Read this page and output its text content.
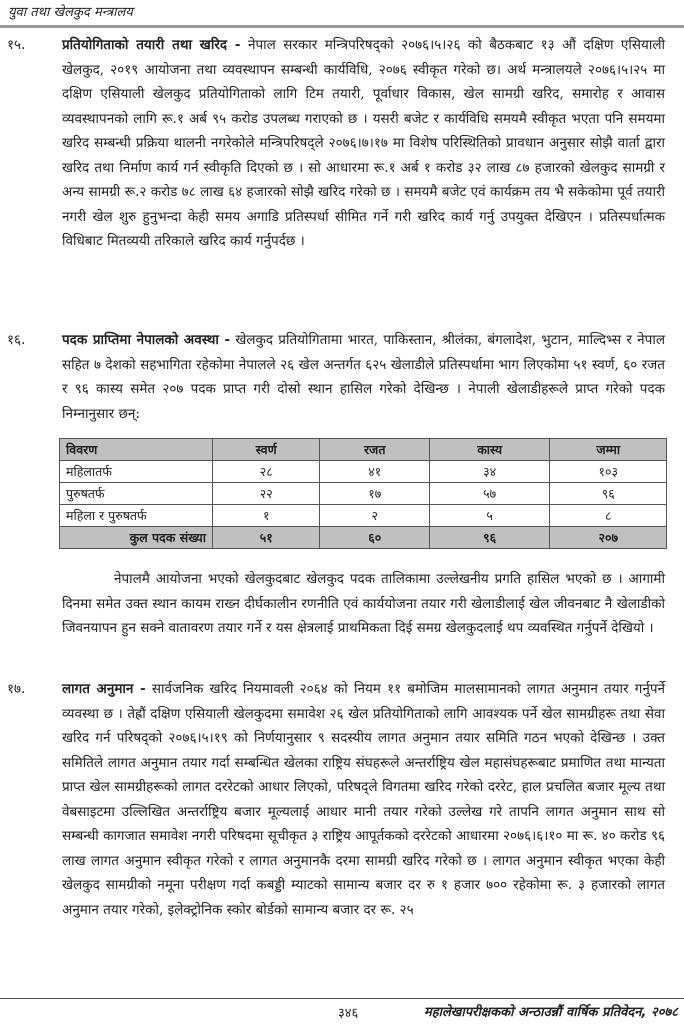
युवा तथा खेलकुद मन्त्रालय
१५.	प्रतियोगिताको तयारी तथा खरिद - नेपाल सरकार मन्त्रिपरिषद्को २०७६।५।२६ को बैठकबाट १३ औं दक्षिण एसियाली खेलकुद, २०१९ आयोजना तथा व्यवस्थापन सम्बन्धी कार्यविधि, २०७६ स्वीकृत गरेको छ। अर्थ मन्त्रालयले २०७६।५।२५ मा दक्षिण एसियाली खेलकुद प्रतियोगिताको लागि टिम तयारी, पूर्वाधार विकास, खेल सामग्री खरिद, समारोह र आवास व्यवस्थापनको लागि रू.१ अर्ब ९५ करोड उपलब्ध गराएको छ । यसरी बजेट र कार्यविधि समयमै स्वीकृत भएता पनि समयमा खरिद सम्बन्धी प्रक्रिया थालनी नगरेकोले मन्त्रिपरिषद्ले २०७६।७।१७ मा विशेष परिस्थितिको प्रावधान अनुसार सोझै वार्ता द्वारा खरिद तथा निर्माण कार्य गर्न स्वीकृति दिएको छ । सो आधारमा रू.१ अर्ब १ करोड ३२ लाख ८७ हजारको खेलकुद सामग्री र अन्य सामग्री रू.२ करोड ७८ लाख ६४ हजारको सोझै खरिद गरेको छ । समयमै बजेट एवं कार्यक्रम तय भै सकेकोमा पूर्व तयारी नगरी खेल शुरु हुनुभन्दा केही समय अगाडि प्रतिस्पर्धा सीमित गर्ने गरी खरिद कार्य गर्नु उपयुक्त देखिएन । प्रतिस्पर्धात्मक विधिबाट मितव्ययी तरिकाले खरिद कार्य गर्नुपर्दछ ।
१६.	पदक प्राप्तिमा नेपालको अवस्था - खेलकुद प्रतियोगितामा भारत, पाकिस्तान, श्रीलंका, बंगलादेश, भुटान, माल्दिभ्स र नेपाल सहित ७ देशको सहभागिता रहेकोमा नेपालले २६ खेल अन्तर्गत ६२५ खेलाडीले प्रतिस्पर्धामा भाग लिएकोमा ५१ स्वर्ण, ६० रजत र ९६ कास्य समेत २०७ पदक प्राप्त गरी दोस्रो स्थान हासिल गरेको देखिन्छ । नेपाली खेलाडीहरूले प्राप्त गरेको पदक निम्नानुसार छन्:
विवरण	स्वर्ण	रजत	कास्य	जम्मा
महिलातर्फ	२८	४१	३४	१०३
पुरुषतर्फ	२२	१७	५७	९६
महिला र पुरुषतर्फ	१	२	५	८
कुल पदक संख्या	५१	६०	९६	२०७
नेपालमै आयोजना भएको खेलकुदबाट खेलकुद पदक तालिकामा उल्लेखनीय प्रगति हासिल भएको छ । आगामी दिनमा समेत उक्त स्थान कायम राख्न दीर्घकालीन रणनीति एवं कार्ययोजना तयार गरी खेलाडीलाई खेल जीवनबाट नै खेलाडीको जिवनयापन हुन सक्ने वातावरण तयार गर्ने र यस क्षेत्रलाई प्राथमिकता दिई समग्र खेलकुदलाई थप व्यवस्थित गर्नुपर्ने देखियो ।
१७.	लागत अनुमान - सार्वजनिक खरिद नियमावली २०६४ को नियम ११ बमोजिम मालसामानको लागत अनुमान तयार गर्नुपर्ने व्यवस्था छ । तेह्रौं दक्षिण एसियाली खेलकुदमा समावेश २६ खेल प्रतियोगिताको लागि आवश्यक पर्ने खेल सामग्रीहरू तथा सेवा खरिद गर्न परिषद्को २०७६।५।१९ को निर्णयानुसार ९ सदस्यीय लागत अनुमान तयार समिति गठन भएको देखिन्छ । उक्त समितिले लागत अनुमान तयार गर्दा सम्बन्धित खेलका राष्ट्रिय संघहरूले अन्तर्राष्ट्रिय खेल महासंघहरूबाट प्रमाणित तथा मान्यता प्राप्त खेल सामग्रीहरूको लागत दररेटको आधार लिएको, परिषद्ले विगतमा खरिद गरेको दररेट, हाल प्रचलित बजार मूल्य तथा वेबसाइटमा उल्लिखित अन्तर्राष्ट्रिय बजार मूल्यलाई आधार मानी तयार गरेको उल्लेख गरे तापनि लागत अनुमान साथ सो सम्बन्धी कागजात समावेश नगरी परिषदमा सूचीकृत ३ राष्ट्रिय आपूर्तकको दररेटको आधारमा २०७६।६।१० मा रू. ४० करोड ९६ लाख लागत अनुमान स्वीकृत गरेको र लागत अनुमानकै दरमा सामग्री खरिद गरेको छ । लागत अनुमान स्वीकृत भएका केही खेलकुद सामग्रीको नमूना परीक्षण गर्दा कबड्डी म्याटको सामान्य बजार दर रु १ हजार ७०० रहेकोमा रू. ३ हजारको लागत अनुमान तयार गरेको, इलेक्ट्रोनिक स्कोर बोर्डको सामान्य बजार दर रू. २५
३४६	महालेखापरीक्षकको अन्ठाउन्नौं वार्षिक प्रतिवेदन, २०७८
